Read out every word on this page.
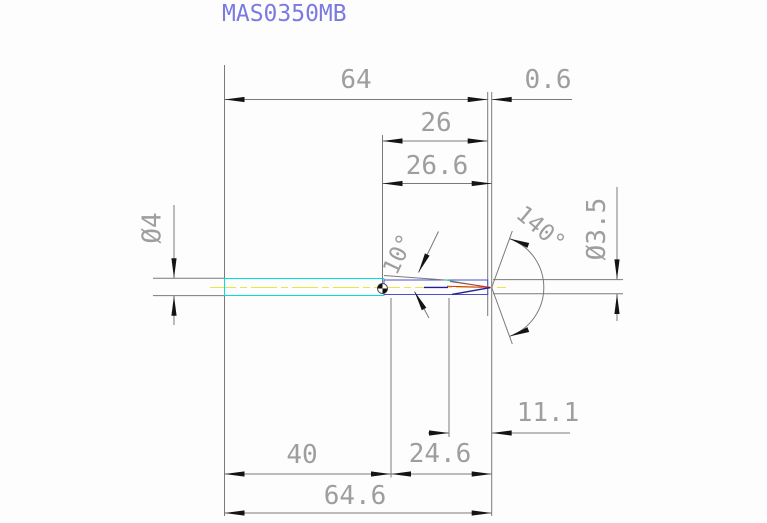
MAS0350MB
64	0.6
26
26.6
Ø4
10°	140° Ø3.5
11.1
40	24.6
64.6
